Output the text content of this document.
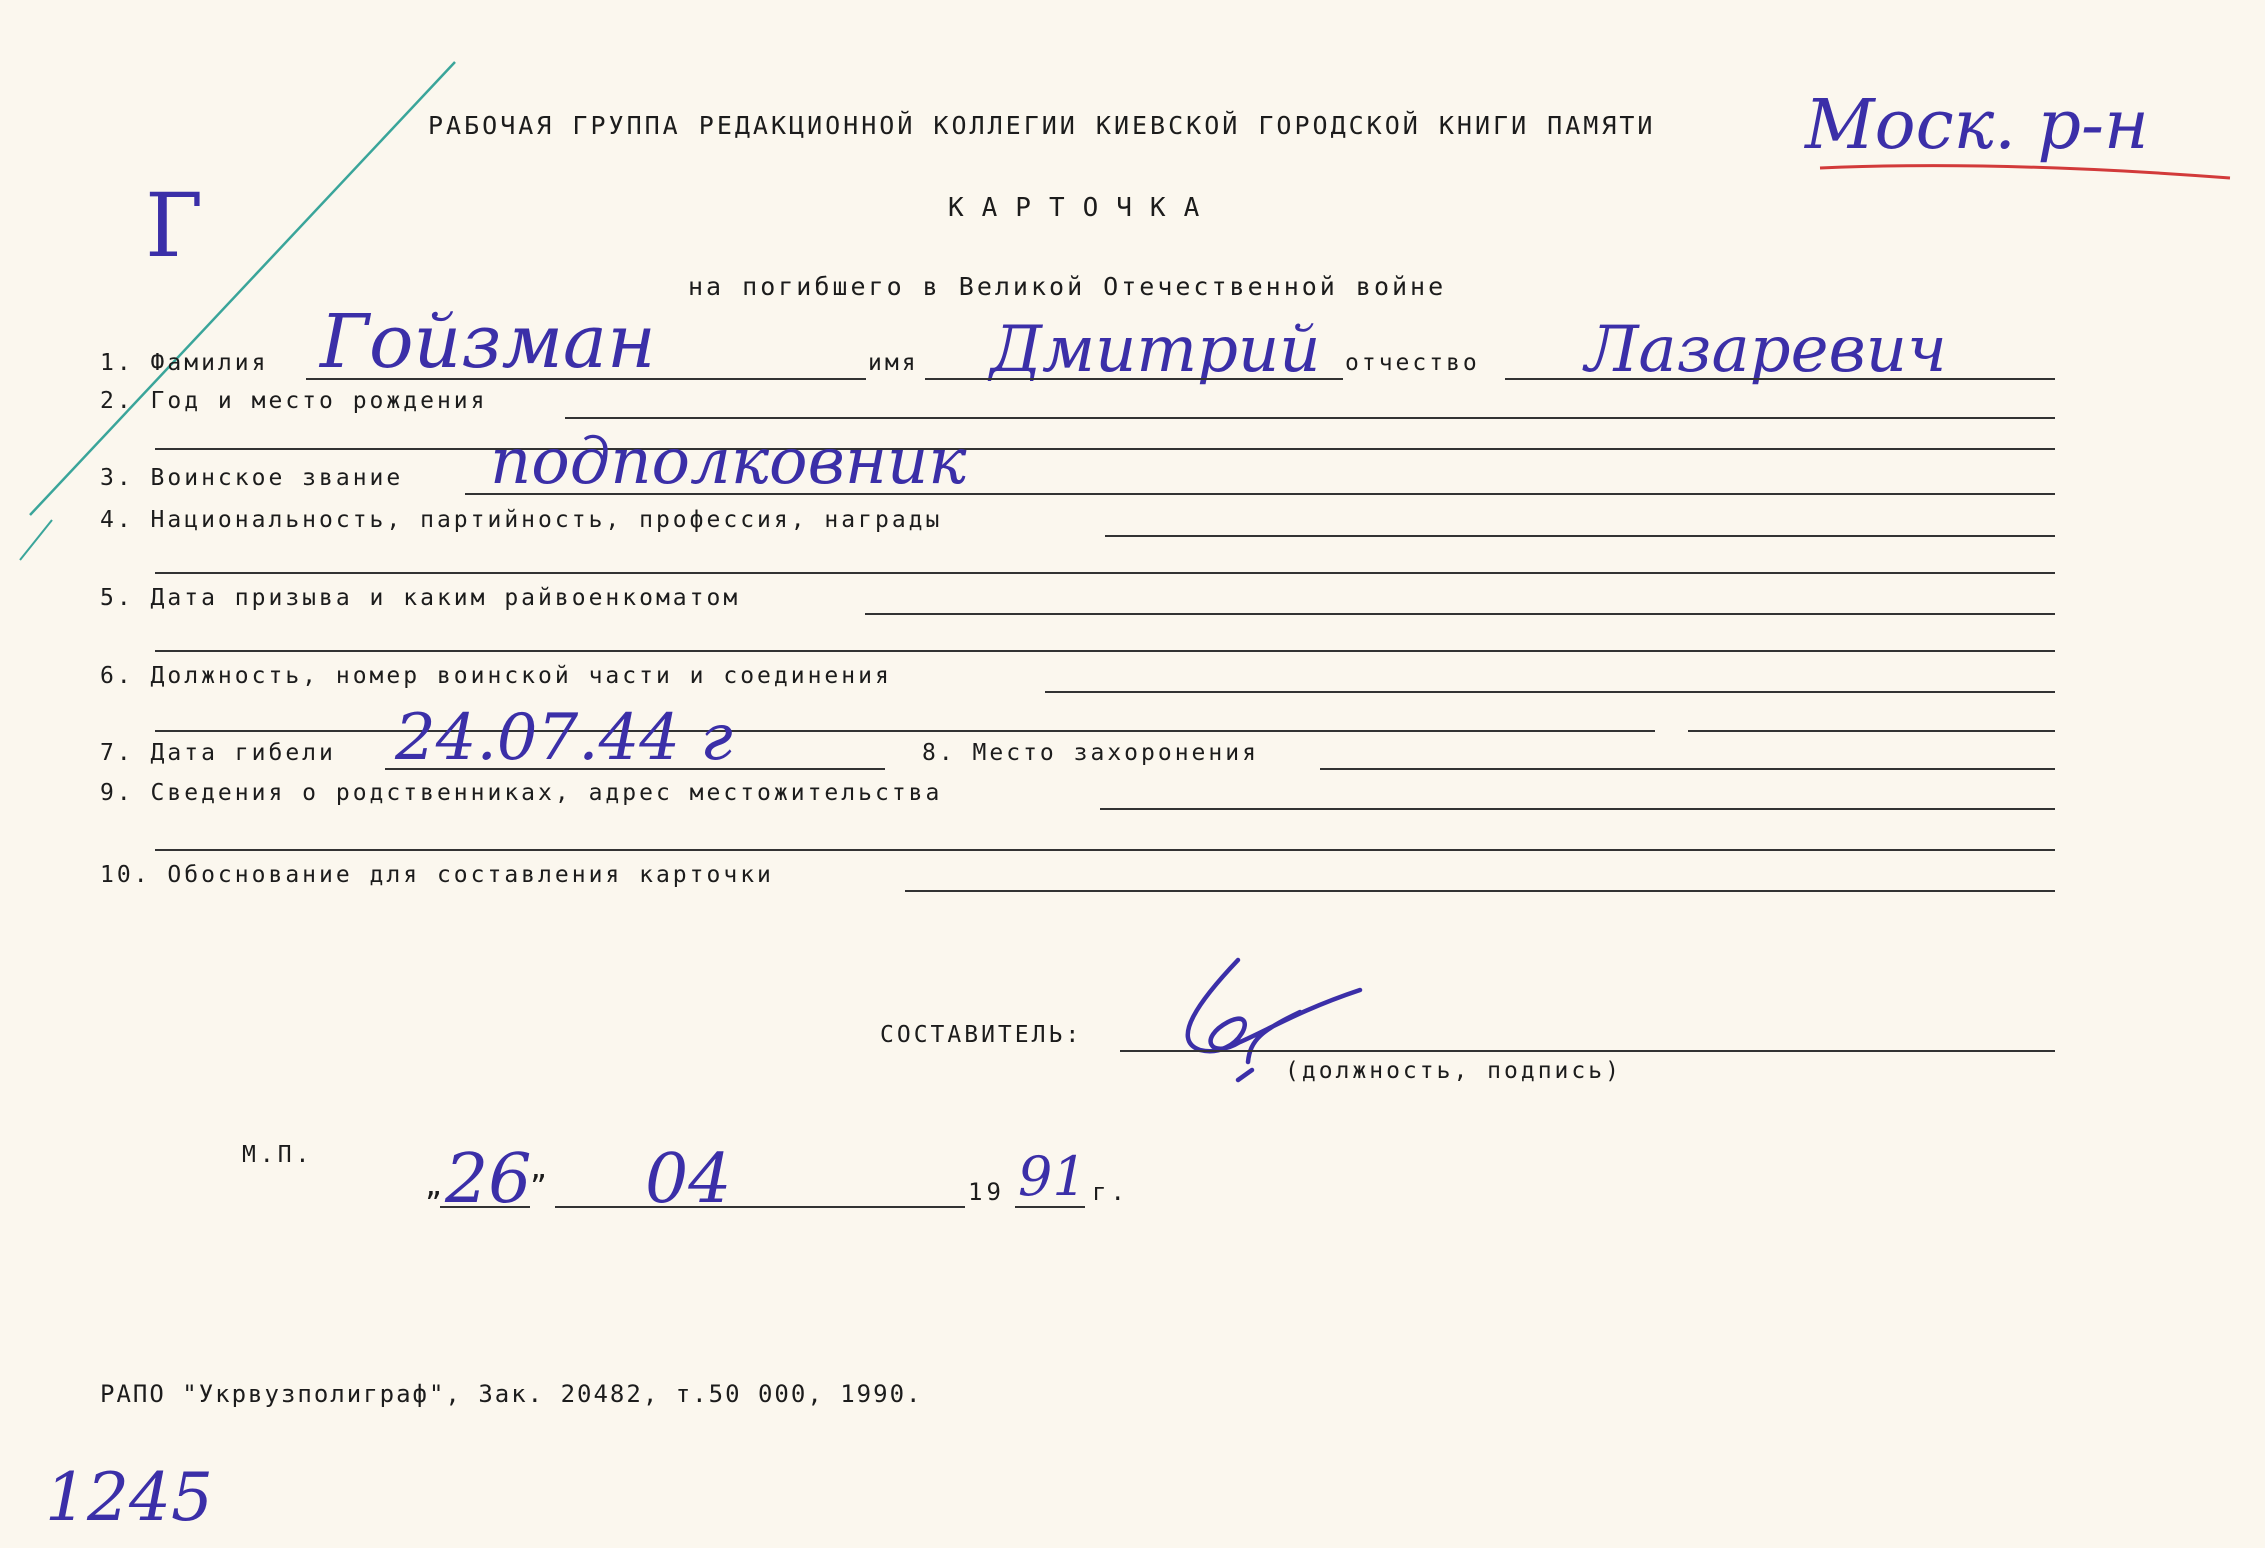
РАБОЧАЯ ГРУППА РЕДАКЦИОННОЙ КОЛЛЕГИИ КИЕВСКОЙ ГОРОДСКОЙ КНИГИ ПАМЯТИ Моск. р-н
Г	КАРТОЧКА
на погибшего в Великой Отечественной войне
1. Фамилия Гойзман	имя Дмитрий отчество Лазаревич
2. Год и место рождения
3. Воинское звание подполковник
4. Национальность, партийность, профессия, награды
5. Дата призыва и каким райвоенкоматом
6. Должность, номер воинской части и соединения
7. Дата гибели 24.07.44 г	8. Место захоронения
9. Сведения о родственниках, адрес местожительства
10. Обоснование для составления карточки
СОСТАВИТЕЛЬ:
(должность, подпись)
М.П.
„ 26
” 04	19 91 г.
РАПО "Укрвузполиграф", Зак. 20482, т.50 000, 1990.
1245
